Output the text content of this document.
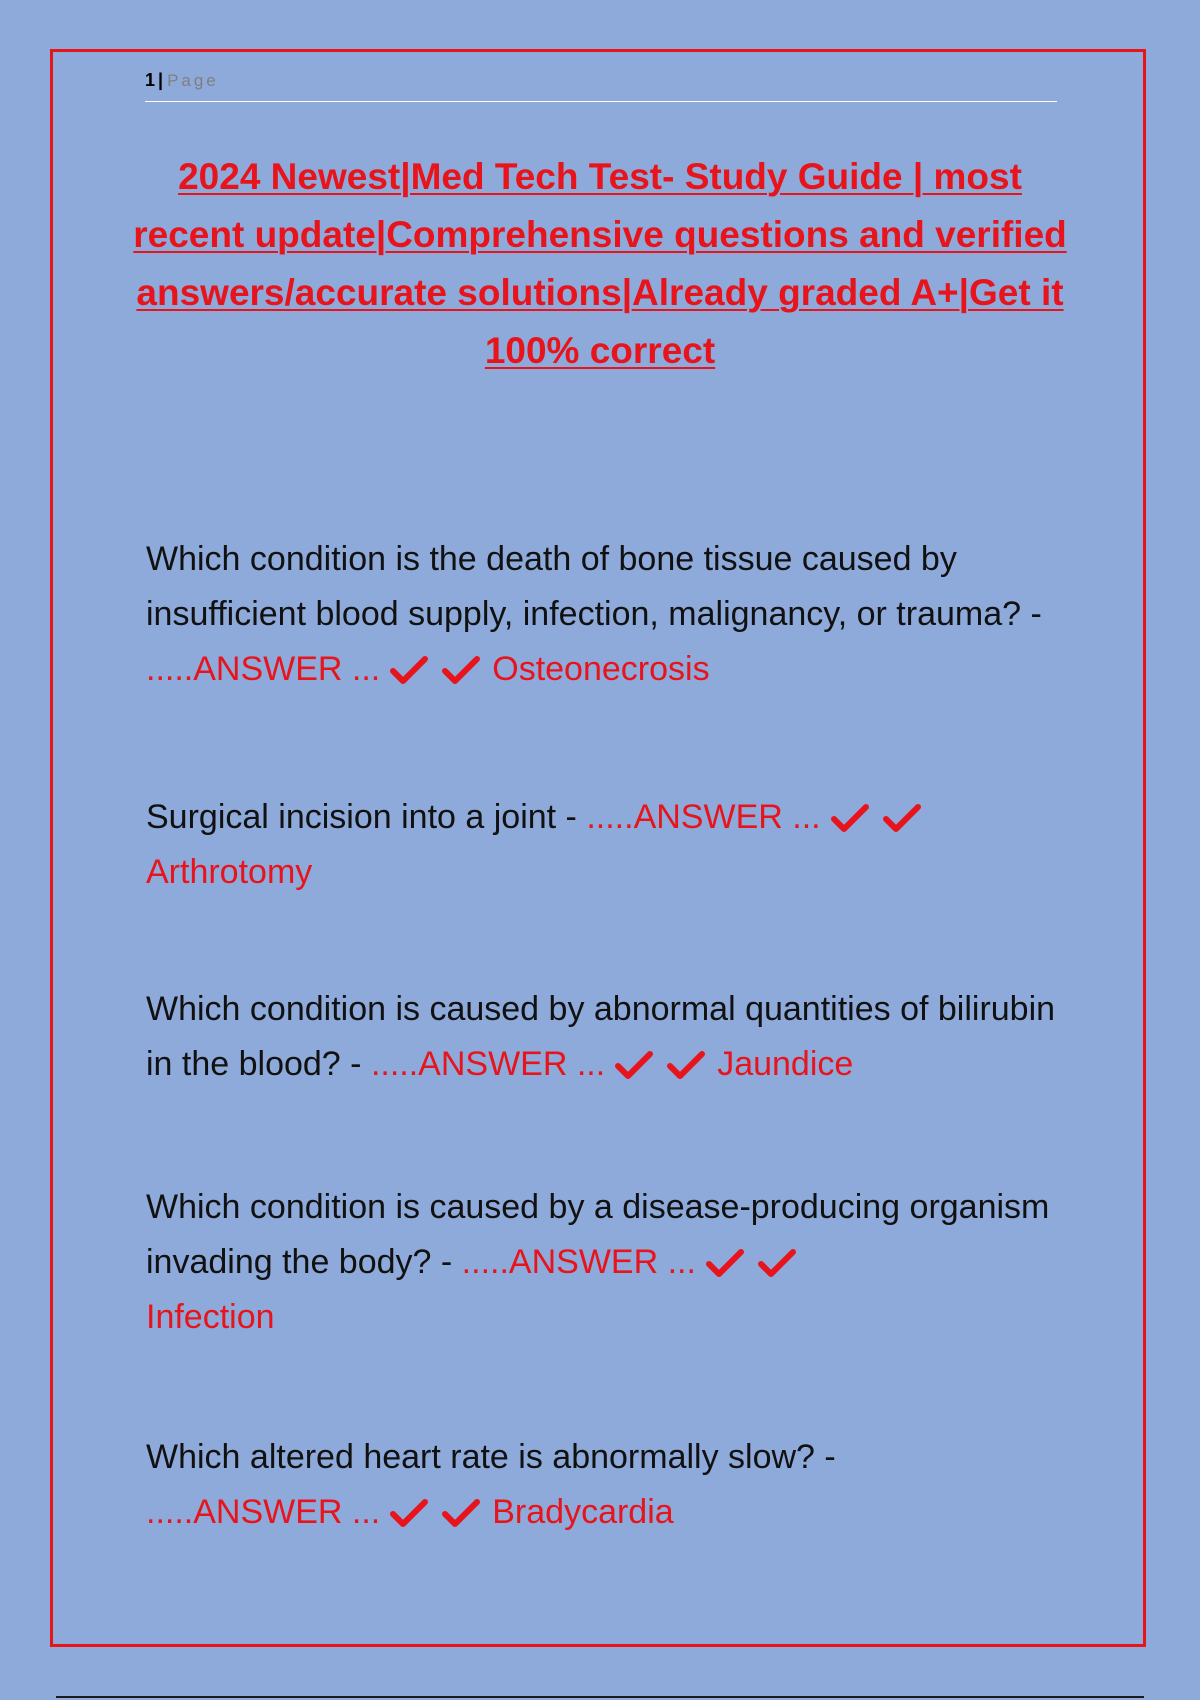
1 | Page
2024 Newest|Med Tech Test- Study Guide | most recent update|Comprehensive questions and verified answers/accurate solutions|Already graded A+|Get it 100% correct
Which condition is the death of bone tissue caused by insufficient blood supply, infection, malignancy, or trauma? - .....ANSWER ...	Osteonecrosis
Surgical incision into a joint - .....ANSWER ...

Arthrotomy
Which condition is caused by abnormal quantities of bilirubin in the blood? - .....ANSWER ...	Jaundice
Which condition is caused by a disease-producing organism invading the body? - .....ANSWER ...

Infection
Which altered heart rate is abnormally slow? -
.....ANSWER ...	Bradycardia
